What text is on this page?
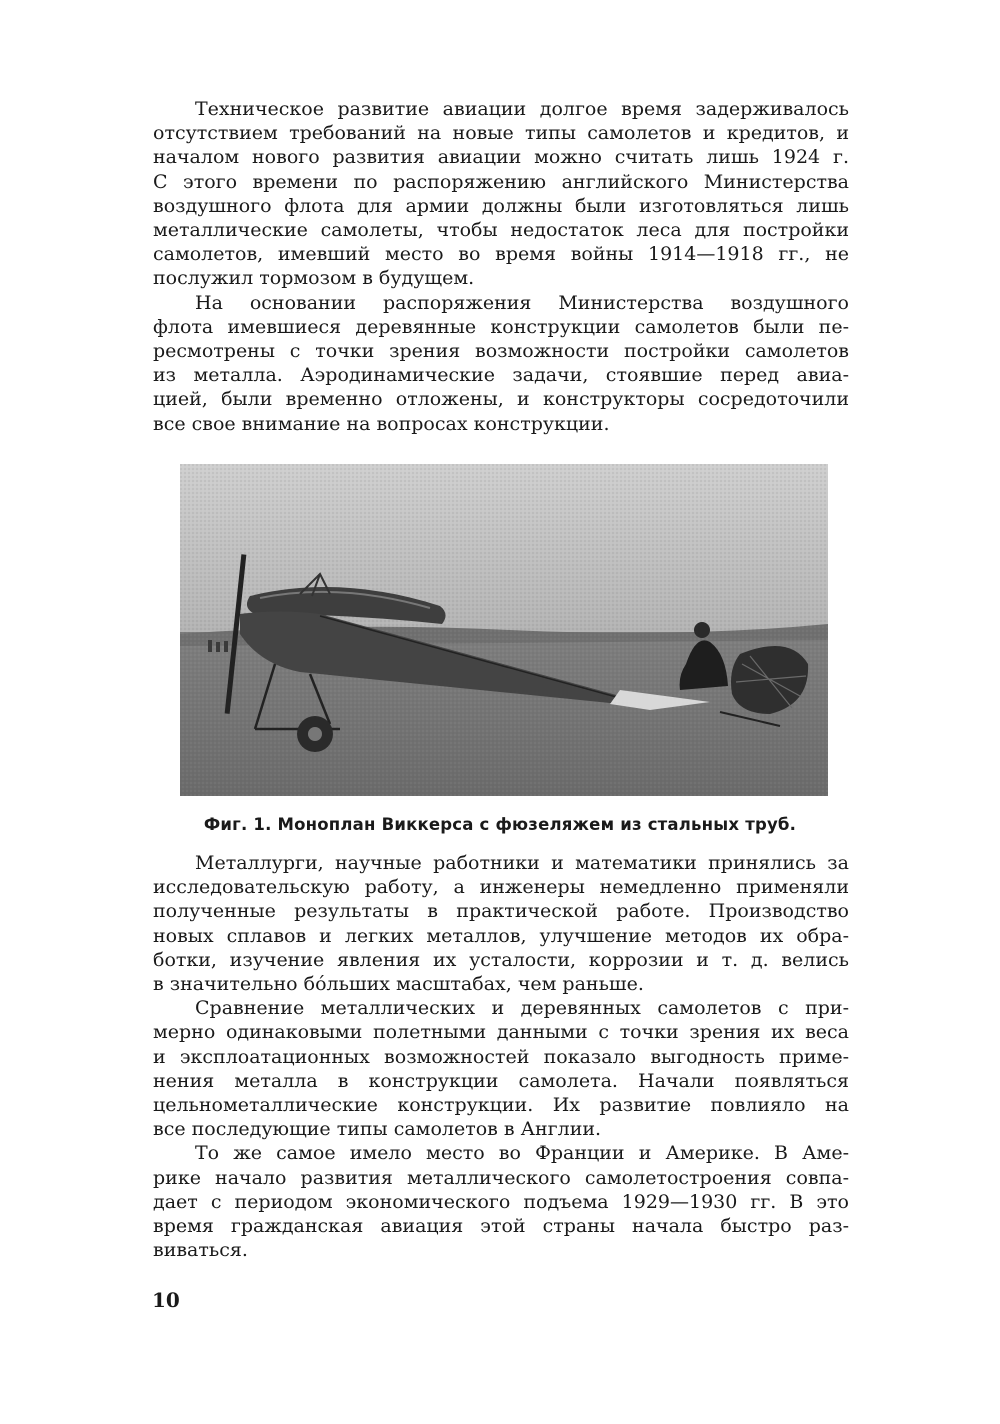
Техническое развитие авиации долгое время задерживалось
отсутствием требований на новые типы самолетов и кредитов, и
началом нового развития авиации можно считать лишь 1924 г.
С этого времени по распоряжению английского Министерства
воздушного флота для армии должны были изготовляться лишь
металлические самолеты, чтобы недостаток леса для постройки
самолетов, имевший место во время войны 1914—1918 гг., не
послужил тормозом в будущем.

На основании распоряжения Министерства воздушного
флота имевшиеся деревянные конструкции самолетов были пе-
ресмотрены с точки зрения возможности постройки самолетов
из металла. Аэродинамические задачи, стоявшие перед авиа-
цией, были временно отложены, и конструкторы сосредоточили
все свое внимание на вопросах конструкции.

Фиг. 1. Моноплан Виккерса с фюзеляжем из стальных труб.

Металлурги, научные работники и математики принялись за
исследовательскую работу, а инженеры немедленно применяли
полученные результаты в практической работе. Производство
новых сплавов и легких металлов, улучшение методов их обра-
ботки, изучение явления их усталости, коррозии и т. д. велись
в значительно бо́льших масштабах, чем раньше.

Сравнение металлических и деревянных самолетов с при-
мерно одинаковыми полетными данными с точки зрения их веса
и эксплоатационных возможностей показало выгодность приме-
нения металла в конструкции самолета. Начали появляться
цельнометаллические конструкции. Их развитие повлияло на
все последующие типы самолетов в Англии.

То же самое имело место во Франции и Америке. В Аме-
рике начало развития металлического самолетостроения совпа-
дает с периодом экономического подъема 1929—1930 гг. В это
время гражданская авиация этой страны начала быстро раз-
виваться.

10
